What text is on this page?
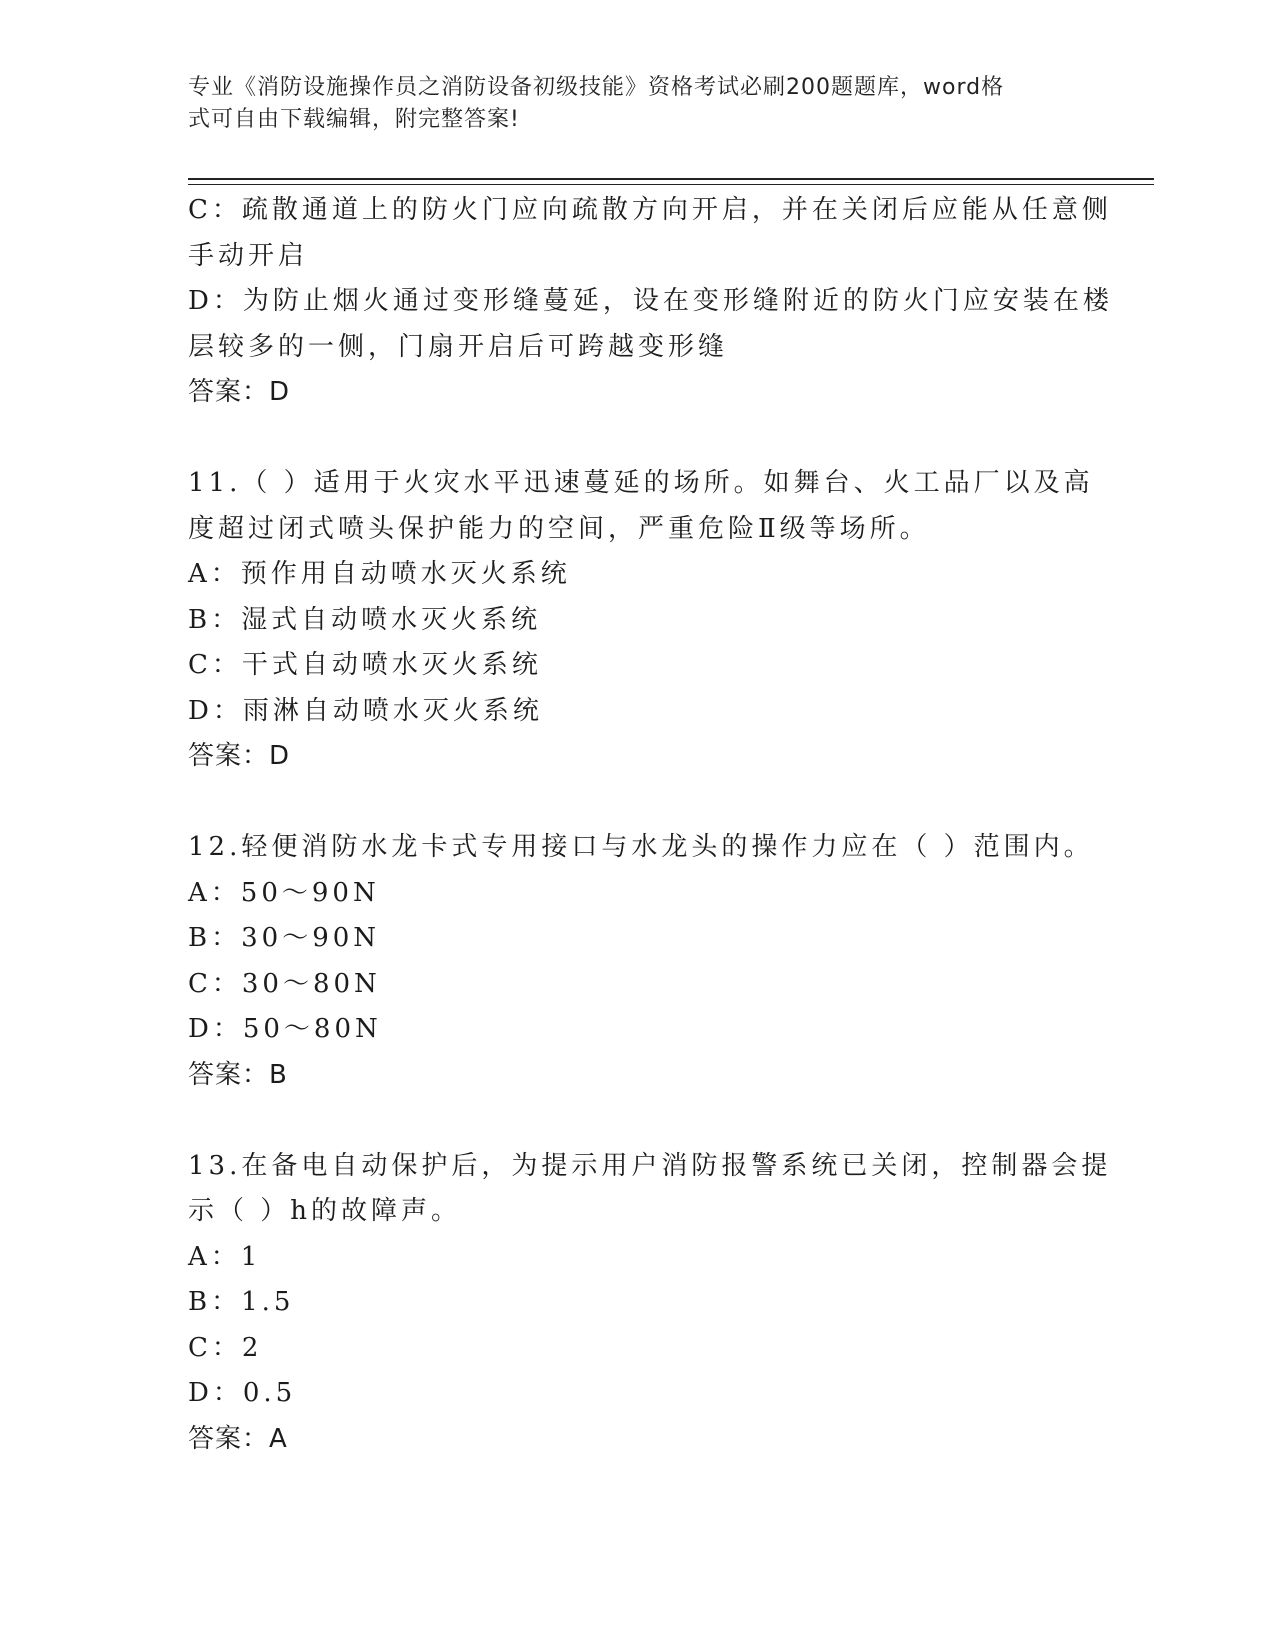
专业《消防设施操作员之消防设备初级技能》资格考试必刷200题题库，word格
式可自由下载编辑，附完整答案!
C：疏散通道上的防火门应向疏散方向开启，并在关闭后应能从任意侧
手动开启
D：为防止烟火通过变形缝蔓延，设在变形缝附近的防火门应安装在楼
层较多的一侧，门扇开启后可跨越变形缝
答案：D
11.（ ）适用于火灾水平迅速蔓延的场所。如舞台、火工品厂以及高
度超过闭式喷头保护能力的空间，严重危险Ⅱ级等场所。
A：预作用自动喷水灭火系统
B：湿式自动喷水灭火系统
C：干式自动喷水灭火系统
D：雨淋自动喷水灭火系统
答案：D
12.轻便消防水龙卡式专用接口与水龙头的操作力应在（ ）范围内。
A：50～90N
B：30～90N
C：30～80N
D：50～80N
答案：B
13.在备电自动保护后，为提示用户消防报警系统已关闭，控制器会提
示（ ）h的故障声。
A：1
B：1.5
C：2
D：0.5
答案：A
